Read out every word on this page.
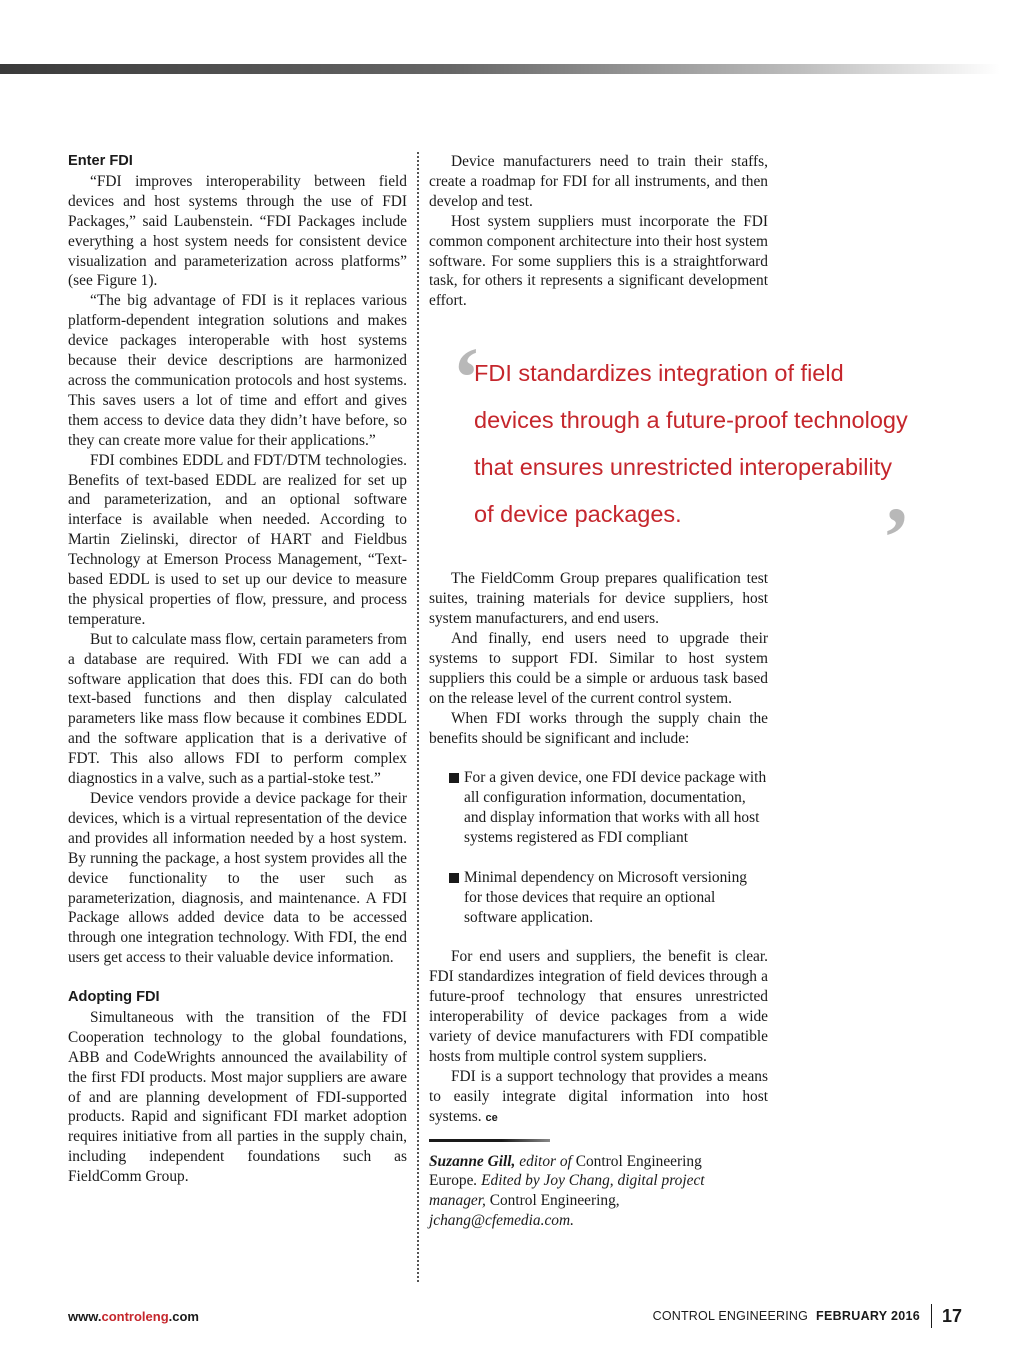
Enter FDI

“FDI improves interoperability between field devices and host systems through the use of FDI Packages,” said Laubenstein. “FDI Packages include everything a host system needs for consistent device visualization and parameterization across platforms” (see Figure 1).

“The big advantage of FDI is it replaces various platform-dependent integration solutions and makes device packages interoperable with host systems because their device descriptions are harmonized across the communication protocols and host systems. This saves users a lot of time and effort and gives them access to device data they didn’t have before, so they can create more value for their applications.”

FDI combines EDDL and FDT/DTM technologies. Benefits of text-based EDDL are realized for set up and parameterization, and an optional software interface is available when needed. According to Martin Zielinski, director of HART and Fieldbus Technology at Emerson Process Management, “Text-based EDDL is used to set up our device to measure the physical properties of flow, pressure, and process temperature.

But to calculate mass flow, certain parameters from a database are required. With FDI we can add a software application that does this. FDI can do both text-based functions and then display calculated parameters like mass flow because it combines EDDL and the software application that is a derivative of FDT. This also allows FDI to perform complex diagnostics in a valve, such as a partial-stoke test.”

Device vendors provide a device package for their devices, which is a virtual representation of the device and provides all information needed by a host system. By running the package, a host system provides all the device functionality to the user such as parameterization, diagnosis, and maintenance. A FDI Package allows added device data to be accessed through one integration technology. With FDI, the end users get access to their valuable device information.

Adopting FDI

Simultaneous with the transition of the FDI Cooperation technology to the global foundations, ABB and CodeWrights announced the availability of the first FDI products. Most major suppliers are aware of and are planning development of FDI-supported products. Rapid and significant FDI market adoption requires initiative from all parties in the supply chain, including independent foundations such as FieldComm Group.

Device manufacturers need to train their staffs, create a roadmap for FDI for all instruments, and then develop and test.

Host system suppliers must incorporate the FDI common component architecture into their host system software. For some suppliers this is a straightforward task, for others it represents a significant development effort.

The FieldComm Group prepares qualification test suites, training materials for device suppliers, host system manufacturers, and end users.

And finally, end users need to upgrade their systems to support FDI. Similar to host system suppliers this could be a simple or arduous task based on the release level of the current control system.

When FDI works through the supply chain the benefits should be significant and include:

For a given device, one FDI device package with all configuration information, documentation, and display information that works with all host systems registered as FDI compliant
Minimal dependency on Microsoft versioning for those devices that require an optional software application.

For end users and suppliers, the benefit is clear. FDI standardizes integration of field devices through a future-proof technology that ensures unrestricted interoperability of device packages from a wide variety of device manufacturers with FDI compatible hosts from multiple control system suppliers.

FDI is a support technology that provides a means to easily integrate digital information into host systems. ce

Suzanne Gill, editor of Control Engineering Europe. Edited by Joy Chang, digital project manager, Control Engineering, jchang@cfemedia.com.

‘
FDI standardizes integration of field devices through a future-proof technology that ensures unrestricted interoperability of device packages.	’
www.controleng.com	CONTROL ENGINEERING FEBRUARY 2016 17
